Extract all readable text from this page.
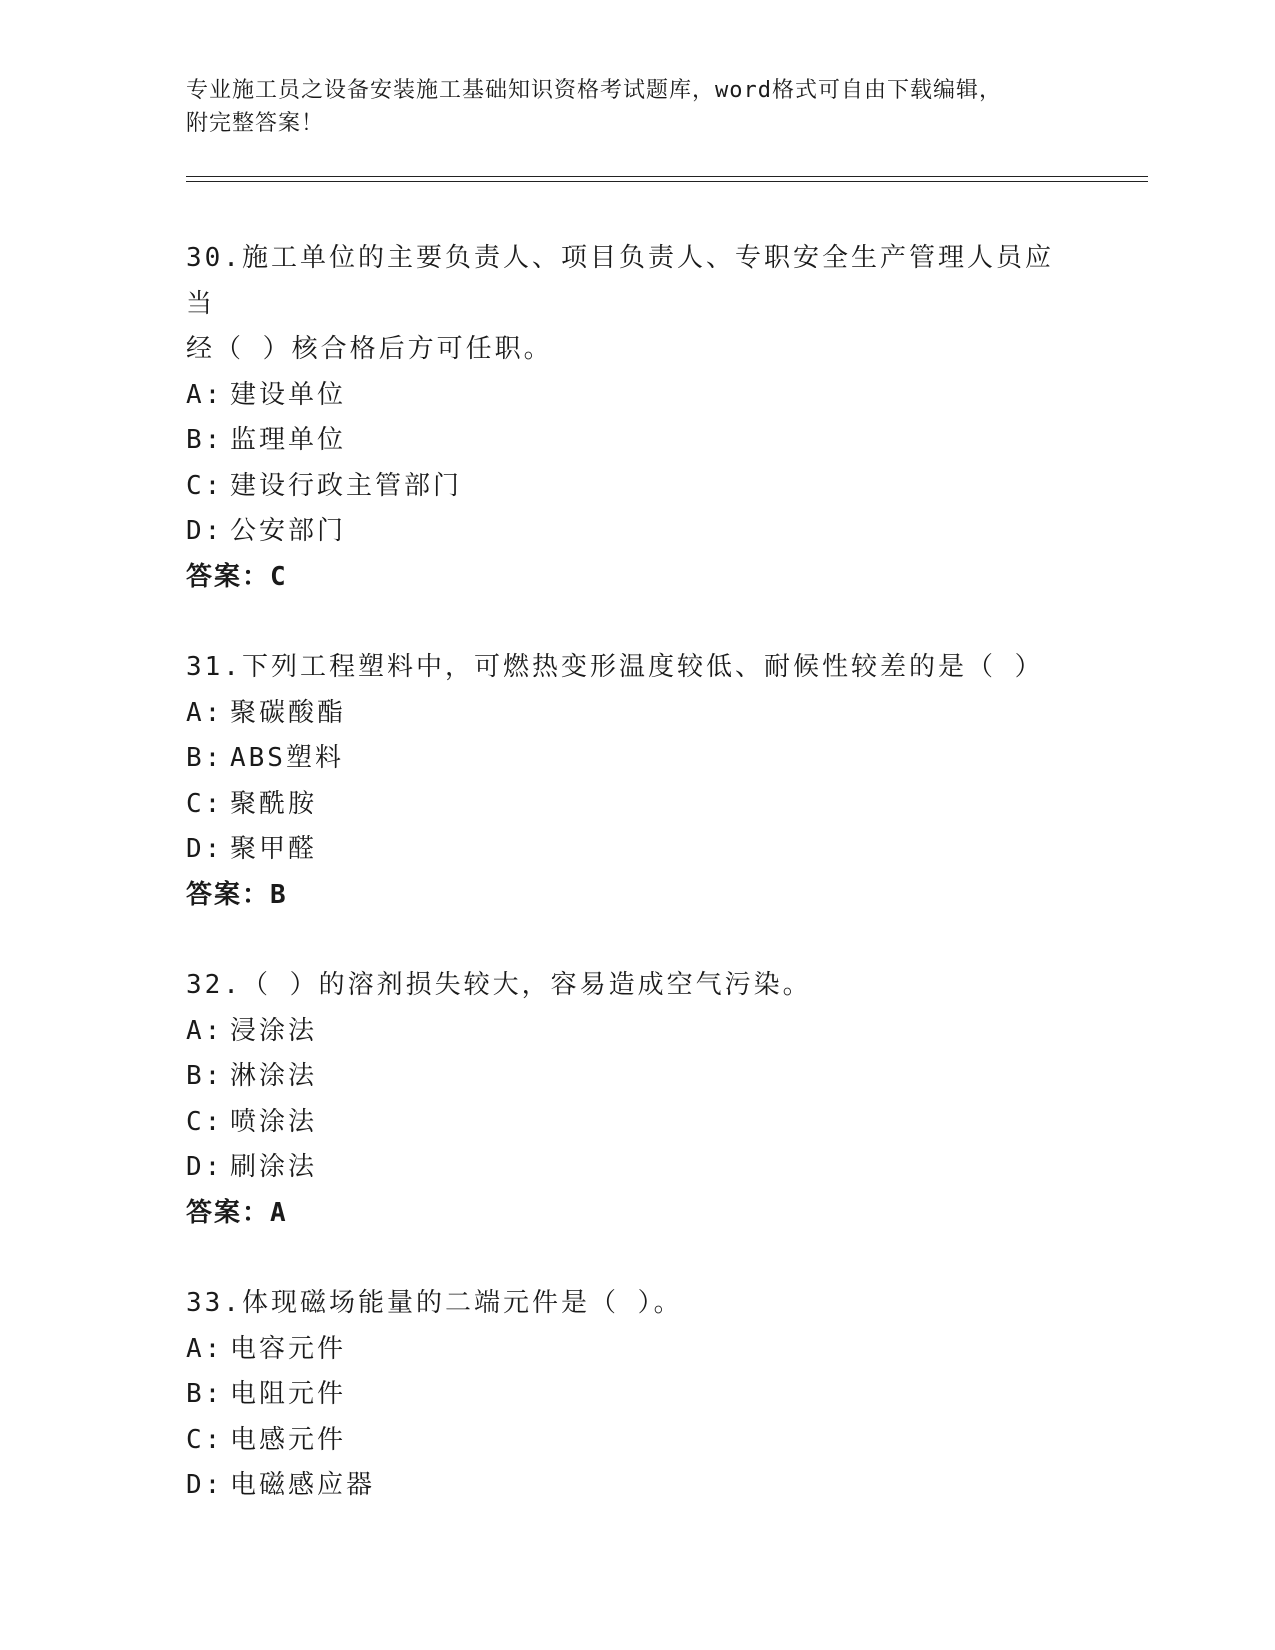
专业施工员之设备安装施工基础知识资格考试题库，word格式可自由下载编辑，
附完整答案！
30.施工单位的主要负责人、项目负责人、专职安全生产管理人员应当
经（ ）核合格后方可任职。
A: 建设单位
B: 监理单位
C: 建设行政主管部门
D: 公安部门
答案：C
31.下列工程塑料中，可燃热变形温度较低、耐候性较差的是（ ）
A: 聚碳酸酯
B: ABS塑料
C: 聚酰胺
D: 聚甲醛
答案：B
32.（ ）的溶剂损失较大，容易造成空气污染。
A: 浸涂法
B: 淋涂法
C: 喷涂法
D: 刷涂法
答案：A
33.体现磁场能量的二端元件是（ ）。
A: 电容元件
B: 电阻元件
C: 电感元件
D: 电磁感应器
